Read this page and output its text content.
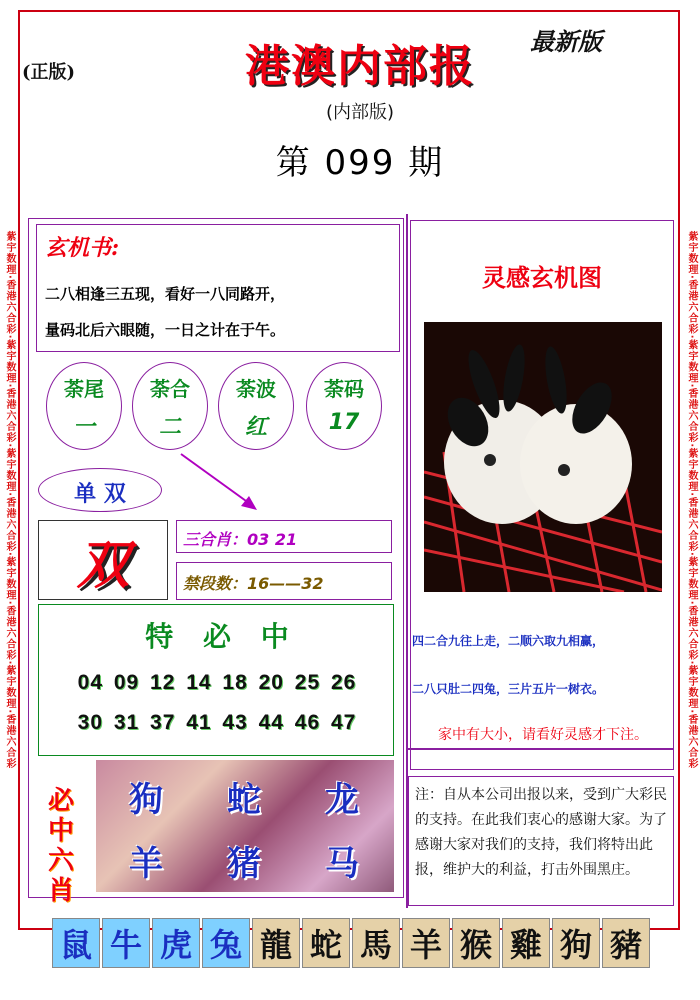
紫宇数理·香港六合彩·紫宇数理·香港六合彩·紫宇数理·香港六合彩·紫宇数理·香港六合彩·紫宇数理·香港六合彩	紫宇数理·香港六合彩·紫宇数理·香港六合彩·紫宇数理·香港六合彩·紫宇数理·香港六合彩·紫宇数理·香港六合彩
(正版)
最新版
港澳内部报
(内部版)
第 099 期
玄机书:
二八相逢三五现，看好一八同路开，
量码北后六眼随，一日之计在于午。
荼尾
一
荼合
二
荼波
红
荼码
17
单 双
双	三合肖：03 21
禁段数：16——32
特 必 中
04 09 12 14 18 20 25 26
30 31 37 41 43 44 46 47
必中六肖
狗	蛇	龙
羊	猪	马
灵感玄机图
四二合九往上走，二顺六取九相赢，
二八只肚二四兔，三片五片一树衣。
家中有大小，请看好灵感才下注。
注：自从本公司出报以来，受到广大彩民的支持。在此我们衷心的感谢大家。为了感谢大家对我们的支持，我们将特出此报，维护大的利益，打击外围黑庄。
鼠 牛 虎 兔 龍 蛇 馬 羊 猴 雞 狗 豬
